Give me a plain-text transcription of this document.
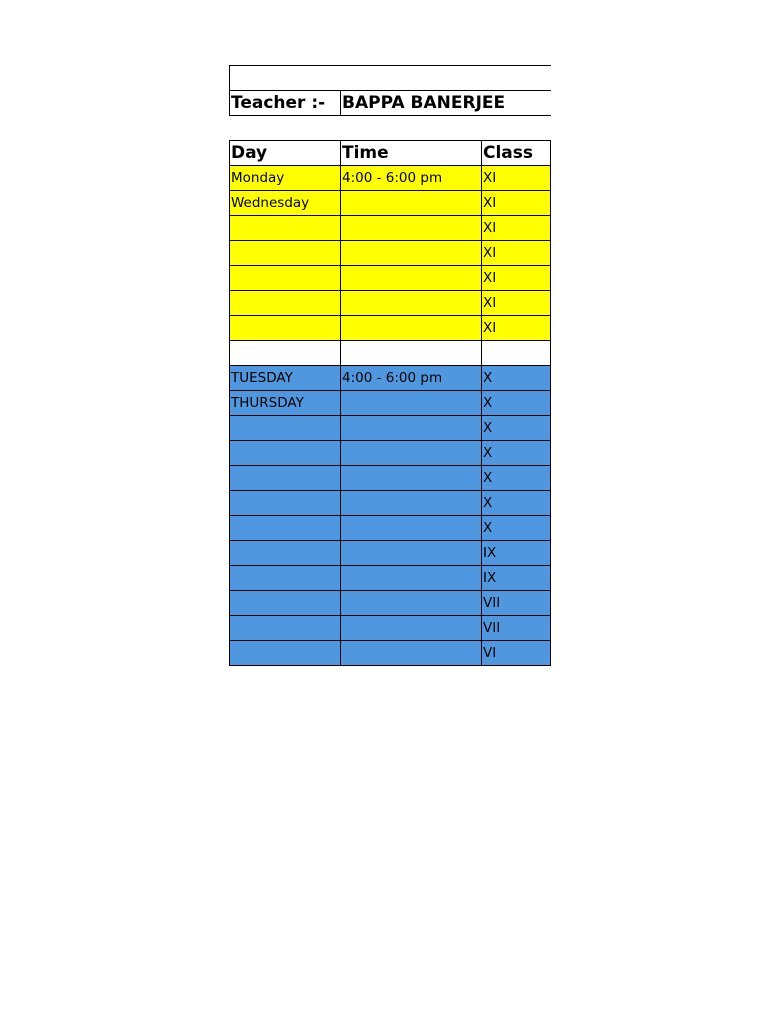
Teacher :-	BAPPA BANERJEE
Day	Time	Class
Monday	4:00 - 6:00 pm	XI
Wednesday		XI
		XI
		XI
		XI
		XI
		XI

TUESDAY	4:00 - 6:00 pm	X
THURSDAY		X
		X
		X
		X
		X
		X
		IX
		IX
		VII
		VII
		VI
